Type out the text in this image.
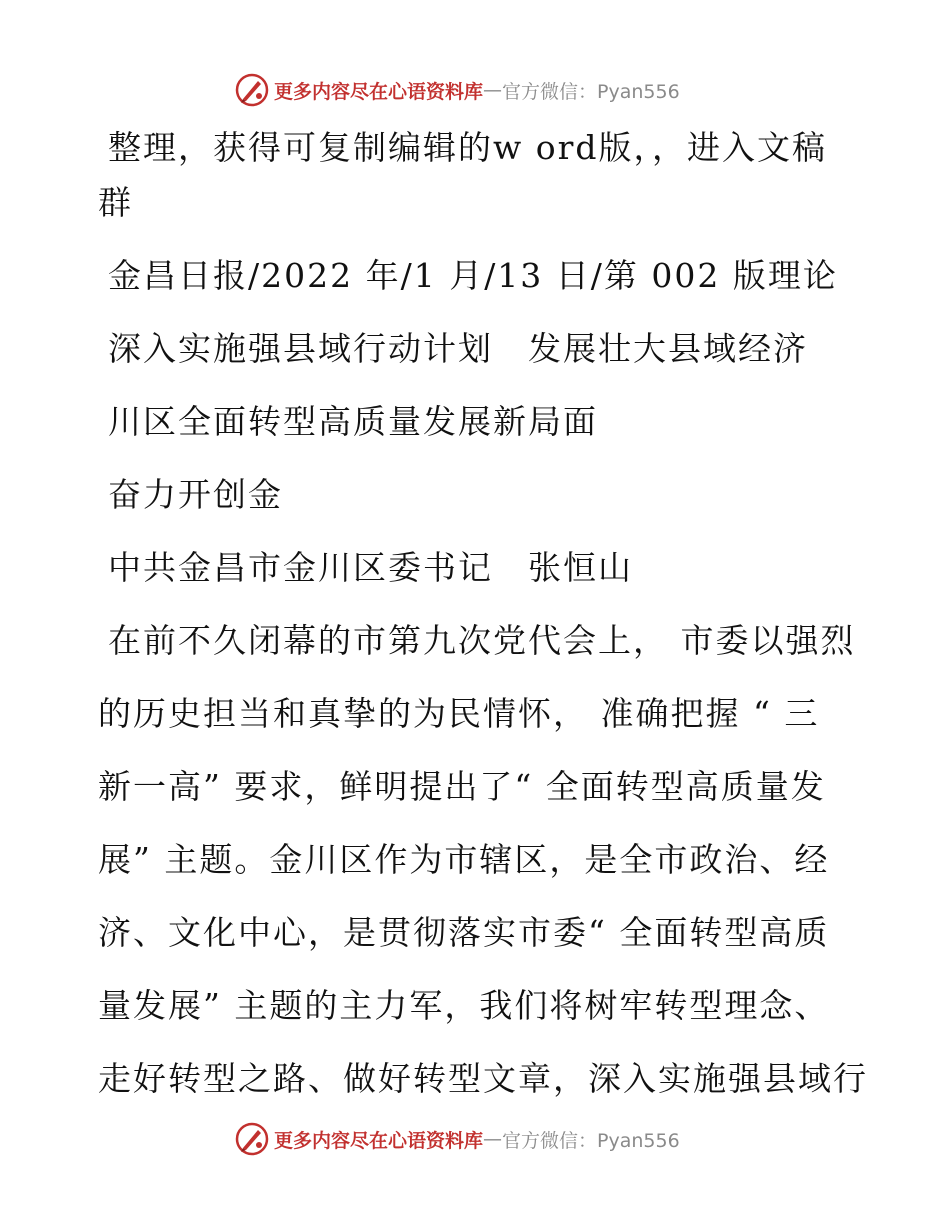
更多内容尽在心语资料库 — 官方微信：Pyan556
整理，获得可复制编辑的w ord版，，进入文稿
群
金昌日报/2022 年/1 月/13 日/第 002 版理论
深入实施强县域行动计划　发展壮大县域经济
川区全面转型高质量发展新局面
奋力开创金
中共金昌市金川区委书记　张恒山
在前不久闭幕的市第九次党代会上， 市委以强烈
的历史担当和真挚的为民情怀， 准确把握 “ 三
新一高” 要求，鲜明提出了“ 全面转型高质量发
展” 主题。金川区作为市辖区，是全市政治、经
济、文化中心，是贯彻落实市委“ 全面转型高质
量发展” 主题的主力军，我们将树牢转型理念、
走好转型之路、做好转型文章，深入实施强县域行
更多内容尽在心语资料库 — 官方微信：Pyan556
